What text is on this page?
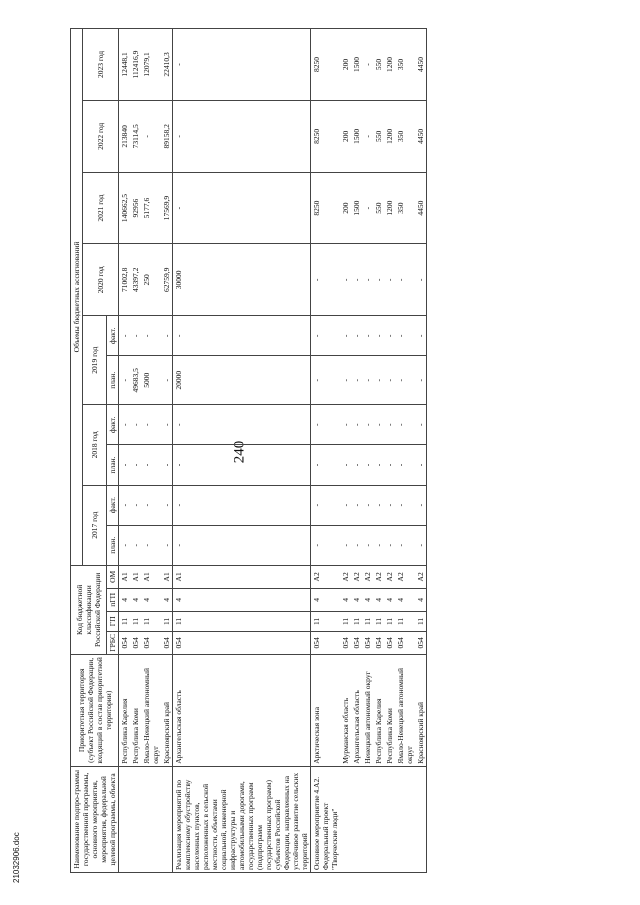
240
Наименование подпро-граммы государственной программы, основного мероприятия, мероприятия, федеральной целевой программы, объекта	Приоритетная территория (субъект Российской Федерации, входящий в состав приоритетной территории)	Код бюджетной классификации Российской Федерации				Объемы бюджетных ассигнований									
						2017 год		2018 год		2019 год		2020 год	2021 год	2022 год	2023 год
		ГРБС	ГП	пГП	ОМ	план.	факт.	план.	факт.	план.	факт.				
	Республика Карелия	054	11	4	А1	-	-	-	-	-	-	71002,8	140662,5	213840	12448,1
	Республика Коми	054	11	4	А1	-	-	-	-	49683,5	-	43397,2	92956	73114,5	112416,9
	Ямало-Ненецкий автономный округ	054	11	4	А1	-	-	-	-	5000	-	250	5177,6	-	12079,1
	Красноярский край	054	11	4	А1	-	-	-	-	-	-	62759,9	17569,9	89158,2	22410,3
Реализация мероприятий по комплексному обустройству населенных пунктов, расположенных в сельской местности, объектами социальной, инженерной инфраструктуры и автомобильными дорогами, государственных программ (подпрограмм государственных программ) субъектов Российской Федерации, направленных на устойчивое развитие сельских территорий	Архангельская область	054	11	4	А1	-	-	-	-	20000	-	30000	-	-	-
Основное мероприятие 4.А2. Федеральный проект "Творческие люди"	Арктическая зона	054	11	4	А2	-	-	-	-	-	-	-	8250	8250	8250
	Мурманская область	054	11	4	А2	-	-	-	-	-	-	-	200	200	200
	Архангельская область	054	11	4	А2	-	-	-	-	-	-	-	1500	1500	1500
	Ненецкий автономный округ	054	11	4	А2	-	-	-	-	-	-	-	-	-	-
	Республика Карелия	054	11	4	А2	-	-	-	-	-	-	-	550	550	550
	Республика Коми	054	11	4	А2	-	-	-	-	-	-	-	1200	1200	1200
	Ямало-Ненецкий автономный округ	054	11	4	А2	-	-	-	-	-	-	-	350	350	350
	Красноярский край	054	11	4	А2	-	-	-	-	-	-	-	4450	4450	4450
21032906.doc
